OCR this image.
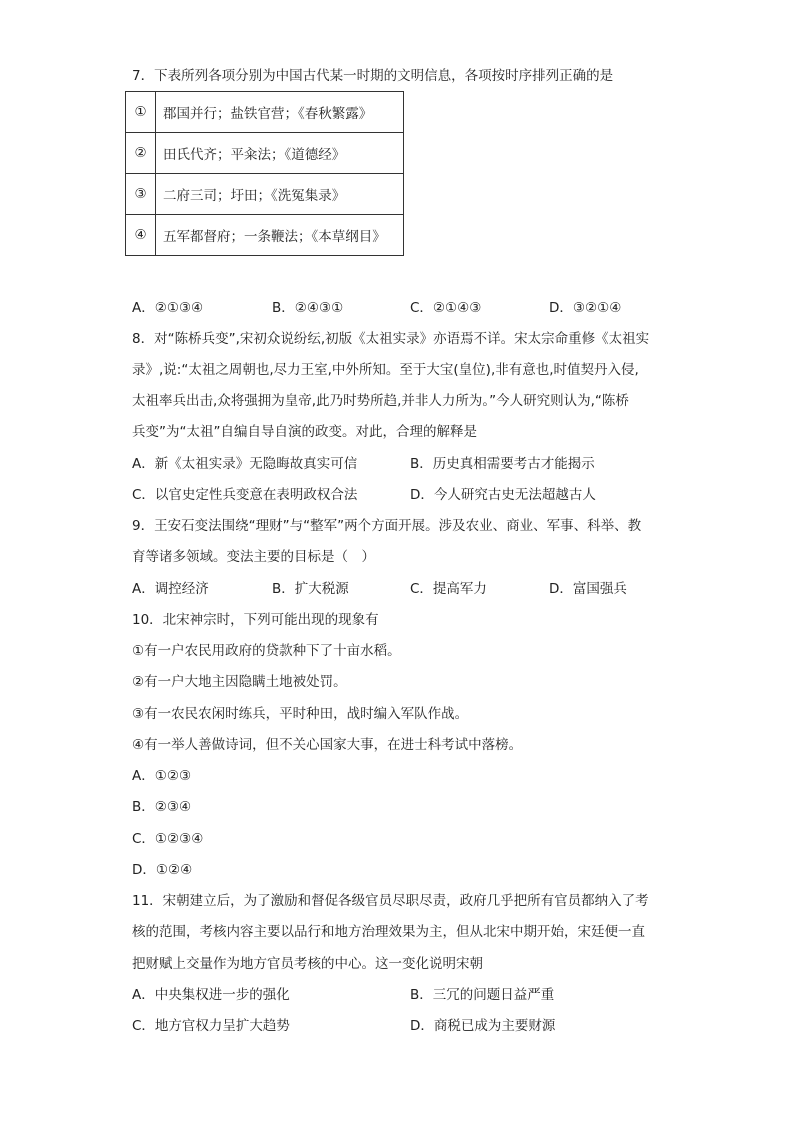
7．下表所列各项分别为中国古代某一时期的文明信息，各项按时序排列正确的是
①	郡国并行；盐铁官营；《春秋繁露》
②	田氏代齐；平籴法；《道德经》
③	二府三司；圩田；《洗冤集录》
④	五军都督府；一条鞭法；《本草纲目》
A．②①③④	B．②④③①	C．②①④③	D．③②①④
8．对“陈桥兵变”,宋初众说纷纭,初版《太祖实录》亦语焉不详。宋太宗命重修《太祖实
录》,说:“太祖之周朝也,尽力王室,中外所知。至于大宝(皇位),非有意也,时值契丹入侵,
太祖率兵出击,众将强拥为皇帝,此乃时势所趋,并非人力所为。”今人研究则认为,“陈桥
兵变”为“太祖”自编自导自演的政变。对此，合理的解释是
A．新《太祖实录》无隐晦故真实可信	B．历史真相需要考古才能揭示
C．以官史定性兵变意在表明政权合法	D．今人研究古史无法超越古人
9．王安石变法围绕“理财”与“整军”两个方面开展。涉及农业、商业、军事、科举、教
育等诸多领域。变法主要的目标是（　）
A．调控经济	B．扩大税源	C．提高军力	D．富国强兵
10．北宋神宗时，下列可能出现的现象有
①有一户农民用政府的贷款种下了十亩水稻。
②有一户大地主因隐瞒土地被处罚。
③有一农民农闲时练兵，平时种田，战时编入军队作战。
④有一举人善做诗词，但不关心国家大事，在进士科考试中落榜。
A．①②③
B．②③④
C．①②③④
D．①②④
11．宋朝建立后，为了激励和督促各级官员尽职尽责，政府几乎把所有官员都纳入了考
核的范围，考核内容主要以品行和地方治理效果为主，但从北宋中期开始，宋廷便一直
把财赋上交量作为地方官员考核的中心。这一变化说明宋朝
A．中央集权进一步的强化	B．三冗的问题日益严重
C．地方官权力呈扩大趋势	D．商税已成为主要财源
